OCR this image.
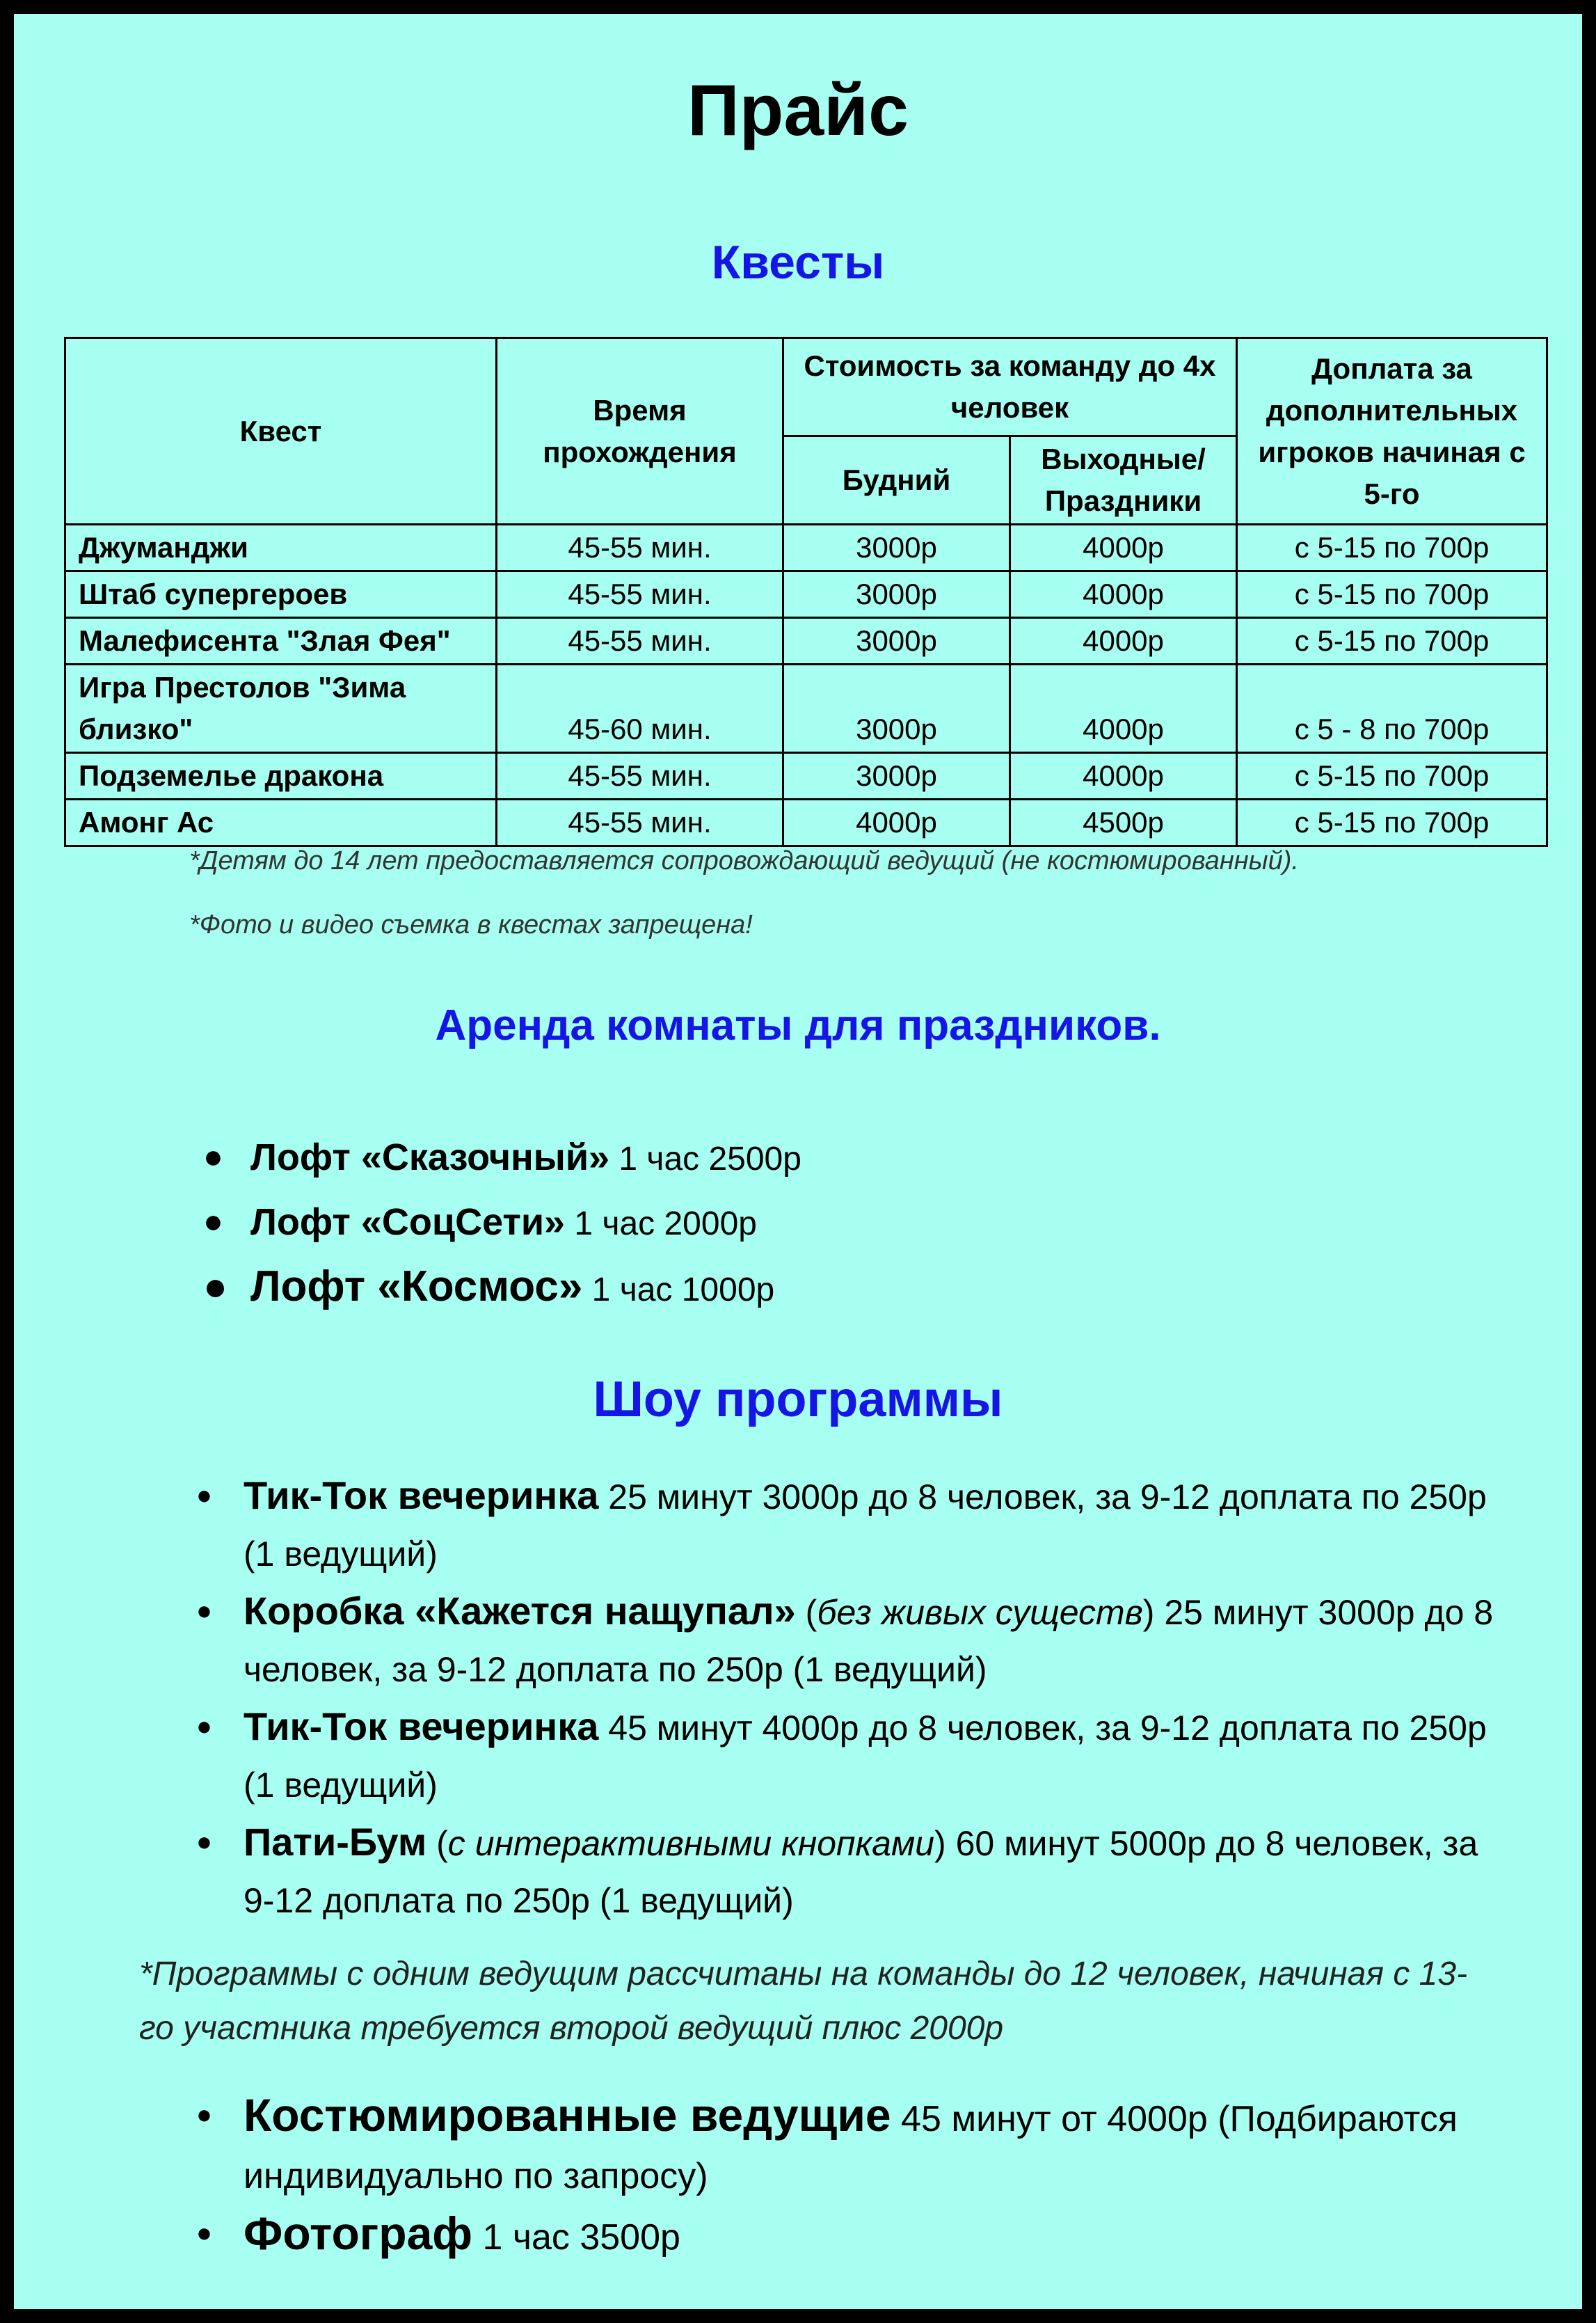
Прайс
Квесты
Квест	Время прохождения	Стоимость за команду до 4х человек		Доплата за дополнительных игроков начиная с 5-го
		Будний	Выходные/ Праздники	
Джуманджи	45-55 мин.	3000р	4000р	с 5-15 по 700р
Штаб супергероев	45-55 мин.	3000р	4000р	с 5-15 по 700р
Малефисента "Злая Фея"	45-55 мин.	3000р	4000р	с 5-15 по 700р
Игра Престолов "Зима близко"	45-60 мин.	3000р	4000р	с 5 - 8 по 700р
Подземелье дракона	45-55 мин.	3000р	4000р	с 5-15 по 700р
Амонг Ас	45-55 мин.	4000р	4500р	с 5-15 по 700р
*Детям до 14 лет предоставляется сопровождающий ведущий (не костюмированный).
*Фото и видео съемка в квестах запрещена!
Аренда комнаты для праздников.
● Лофт «Сказочный» 1 час 2500р
● Лофт «СоцСети» 1 час 2000р
● Лофт «Космос» 1 час 1000р
Шоу программы
● Тик-Ток вечеринка 25 минут 3000р до 8 человек, за 9-12 доплата по 250р (1 ведущий)
● Коробка «Кажется нащупал» (без живых существ) 25 минут 3000р до 8 человек, за 9-12 доплата по 250р (1 ведущий)
● Тик-Ток вечеринка 45 минут 4000р до 8 человек, за 9-12 доплата по 250р (1 ведущий)
● Пати-Бум (с интерактивными кнопками) 60 минут 5000р до 8 человек, за 9-12 доплата по 250р (1 ведущий)
*Программы с одним ведущим рассчитаны на команды до 12 человек, начиная с 13-го участника требуется второй ведущий плюс 2000р
● Костюмированные ведущие 45 минут от 4000р (Подбираются индивидуально по запросу)
● Фотограф 1 час 3500р
